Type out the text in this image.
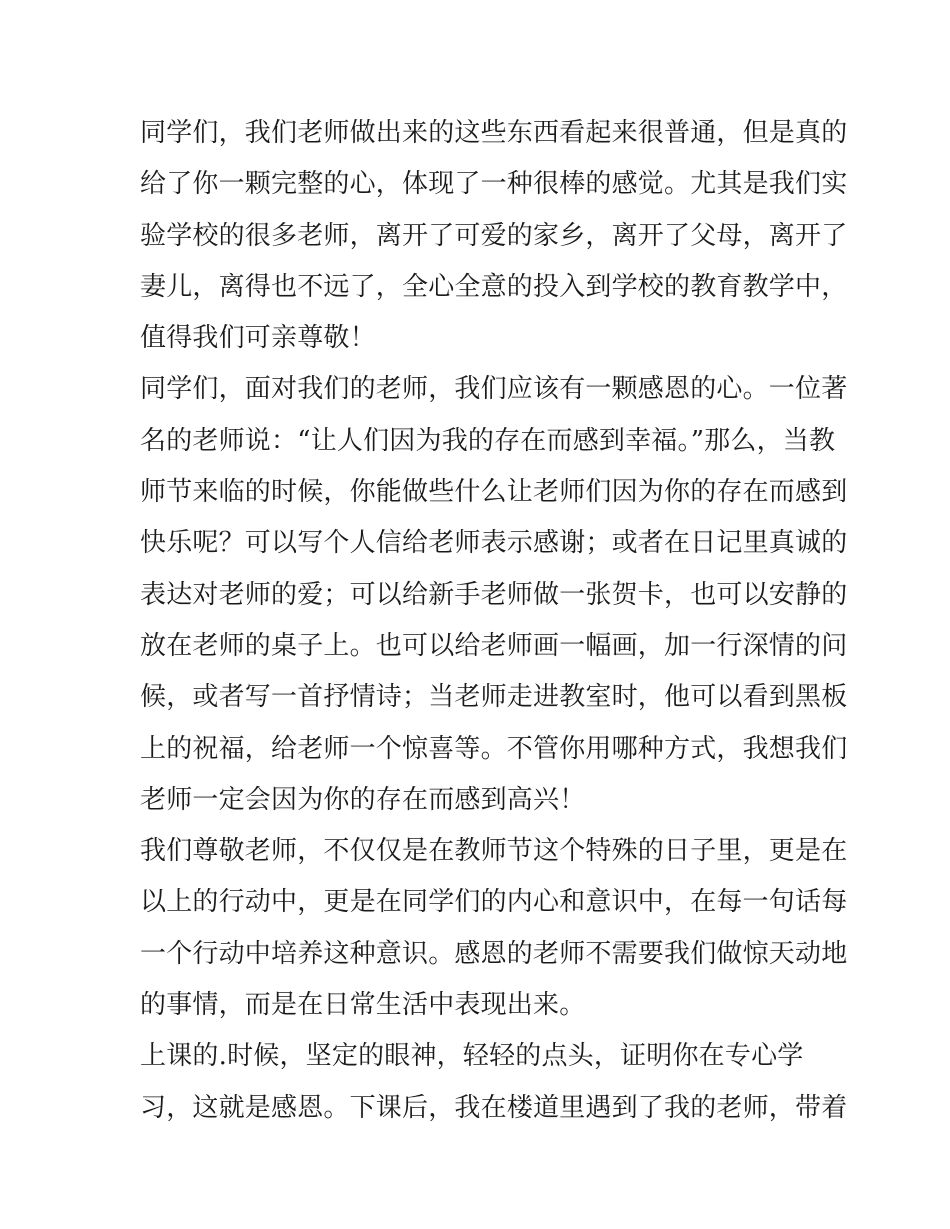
同学们，我们老师做出来的这些东西看起来很普通，但是真的
给了你一颗完整的心，体现了一种很棒的感觉。尤其是我们实
验学校的很多老师，离开了可爱的家乡，离开了父母，离开了
妻儿，离得也不远了，全心全意的投入到学校的教育教学中，
值得我们可亲尊敬！
同学们，面对我们的老师，我们应该有一颗感恩的心。一位著
名的老师说：“让人们因为我的存在而感到幸福。”那么，当教
师节来临的时候，你能做些什么让老师们因为你的存在而感到
快乐呢？可以写个人信给老师表示感谢；或者在日记里真诚的
表达对老师的爱；可以给新手老师做一张贺卡，也可以安静的
放在老师的桌子上。也可以给老师画一幅画，加一行深情的问
候，或者写一首抒情诗；当老师走进教室时，他可以看到黑板
上的祝福，给老师一个惊喜等。不管你用哪种方式，我想我们
老师一定会因为你的存在而感到高兴！
我们尊敬老师，不仅仅是在教师节这个特殊的日子里，更是在
以上的行动中，更是在同学们的内心和意识中，在每一句话每
一个行动中培养这种意识。感恩的老师不需要我们做惊天动地
的事情，而是在日常生活中表现出来。
上课的.时候，坚定的眼神，轻轻的点头，证明你在专心学
习，这就是感恩。下课后，我在楼道里遇到了我的老师，带着
